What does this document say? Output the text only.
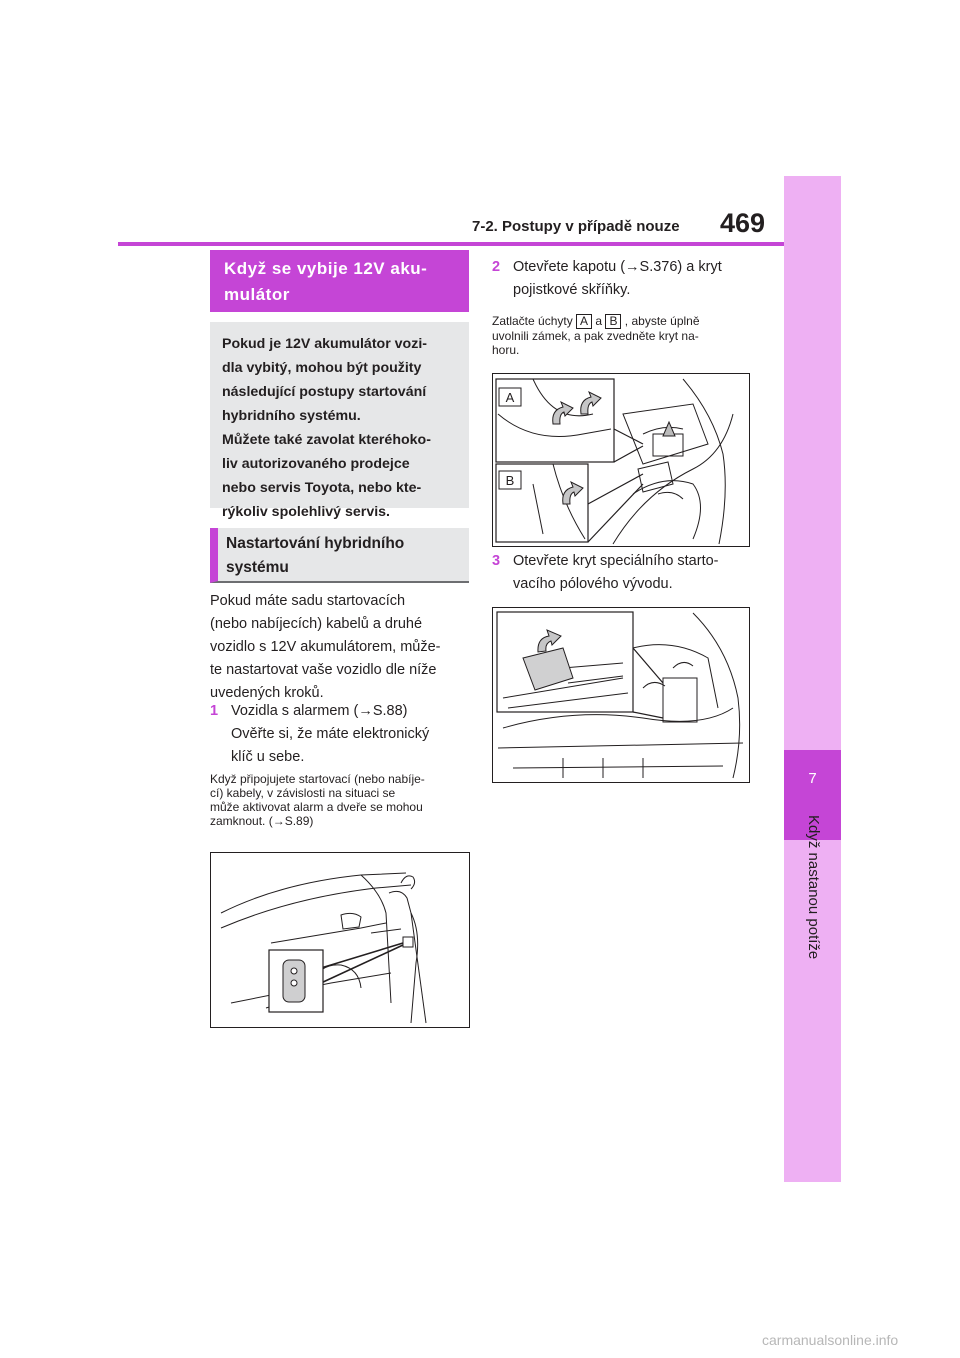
7
Když nastanou potíže
7-2. Postupy v případě nouze 469
Když se vybije 12V aku-
mulátor

Pokud je 12V akumulátor vozi-

dla vybitý, mohou být použity

následující postupy startování

hybridního systému.

Můžete také zavolat kteréhoko-

liv autorizovaného prodejce

nebo servis Toyota, nebo kte-

rýkoliv spolehlivý servis.

Nastartování hybridního
systému
Pokud máte sadu startovacích
(nebo nabíjecích) kabelů a druhé
vozidlo s 12V akumulátorem, může-
te nastartovat vaše vozidlo dle níže
uvedených kroků.
1 Vozidla s alarmem (→S.88)
Ověřte si, že máte elektronický
klíč u sebe.
Když připojujete startovací (nebo nabíje-
cí) kabely, v závislosti na situaci se
může aktivovat alarm a dveře se mohou
zamknout. (→S.89)
2 Otevřete kapotu (→S.376) a kryt
pojistkové skříňky.
Zatlačte úchyty A a B , abyste úplně
uvolnili zámek, a pak zvedněte kryt na-
horu.
A
B
3 Otevřete kryt speciálního starto-
vacího pólového vývodu.
carmanualsonline.info
